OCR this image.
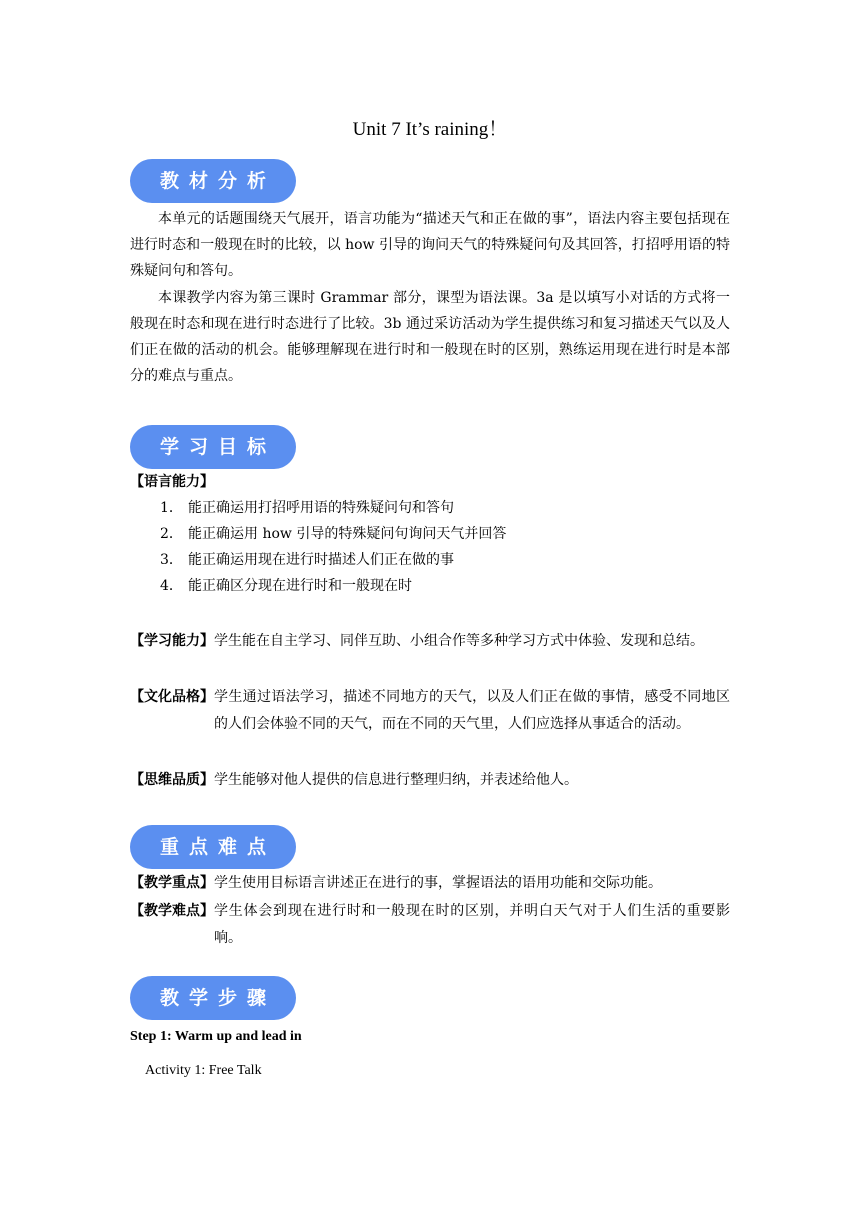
Unit 7 It’s raining！
教材分析

本单元的话题围绕天气展开，语言功能为“描述天气和正在做的事”，语法内容主要包括现在进行时态和一般现在时的比较，以 how 引导的询问天气的特殊疑问句及其回答，打招呼用语的特殊疑问句和答句。

本课教学内容为第三课时 Grammar 部分，课型为语法课。3a 是以填写小对话的方式将一般现在时态和现在进行时态进行了比较。3b 通过采访活动为学生提供练习和复习描述天气以及人们正在做的活动的机会。能够理解现在进行时和一般现在时的区别，熟练运用现在进行时是本部分的难点与重点。

学习目标
【语言能力】
1． 能正确运用打招呼用语的特殊疑问句和答句
2． 能正确运用 how 引导的特殊疑问句询问天气并回答
3． 能正确运用现在进行时描述人们正在做的事
4． 能正确区分现在进行时和一般现在时
【学习能力】 学生能在自主学习、同伴互助、小组合作等多种学习方式中体验、发现和总结。
【文化品格】 学生通过语法学习，描述不同地方的天气，以及人们正在做的事情，感受不同地区的人们会体验不同的天气，而在不同的天气里，人们应选择从事适合的活动。
【思维品质】 学生能够对他人提供的信息进行整理归纳，并表述给他人。
重点难点
【教学重点】 学生使用目标语言讲述正在进行的事，掌握语法的语用功能和交际功能。
【教学难点】 学生体会到现在进行时和一般现在时的区别，并明白天气对于人们生活的重要影响。
教学步骤
Step 1: Warm up and lead in
Activity 1: Free Talk
